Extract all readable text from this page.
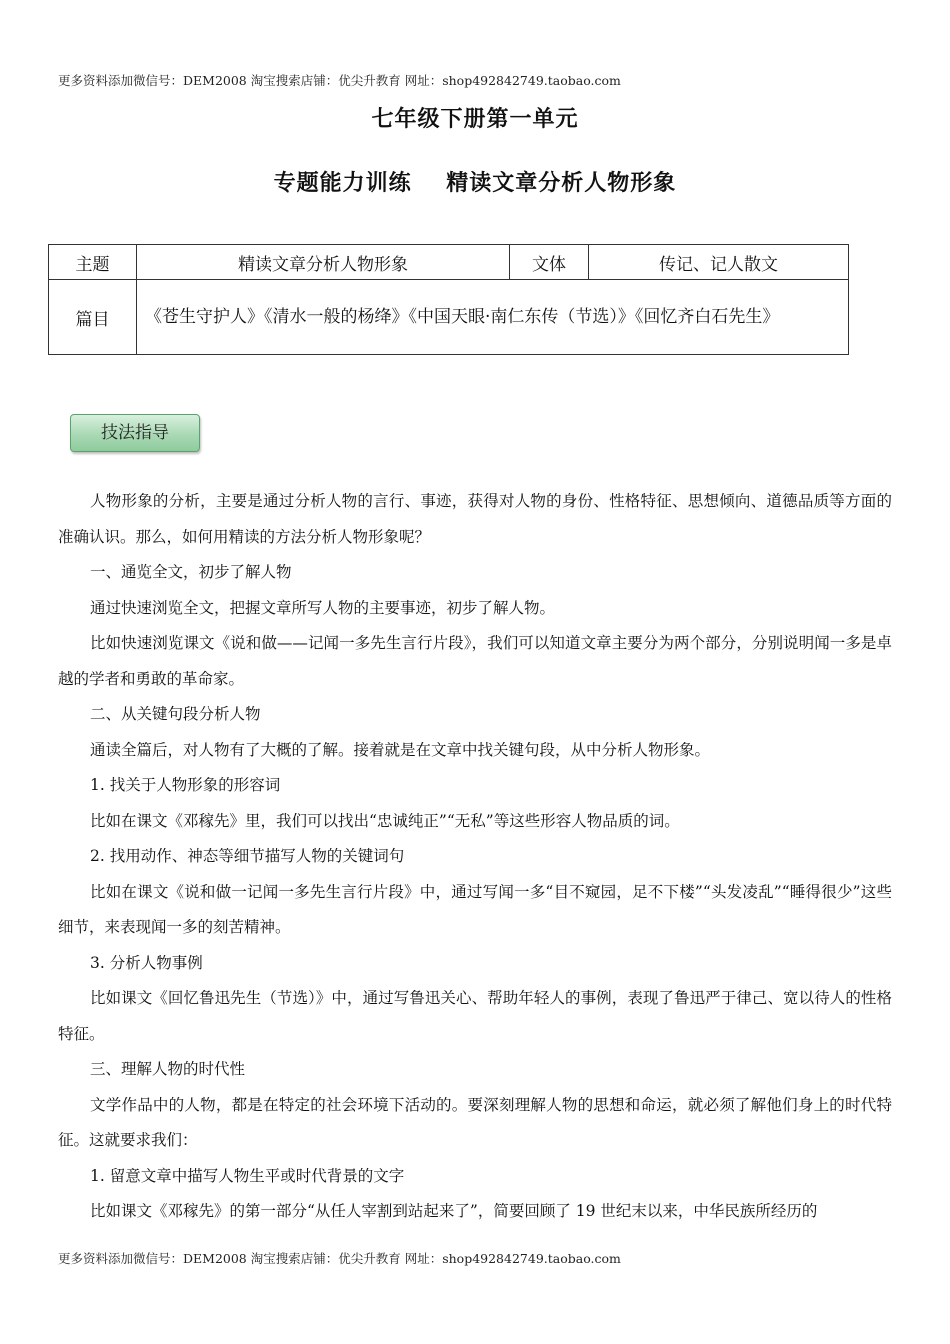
更多资料添加微信号：DEM2008 淘宝搜索店铺：优尖升教育 网址：shop492842749.taobao.com
七年级下册第一单元
专题能力训练    精读文章分析人物形象
主题	精读文章分析人物形象	文体	传记、记人散文
篇目	《苍生守护人》《清水一般的杨绛》《中国天眼·南仁东传（节选）》《回忆齐白石先生》		
技法指导

人物形象的分析，主要是通过分析人物的言行、事迹，获得对人物的身份、性格特征、思想倾向、道德品质等方面的准确认识。那么，如何用精读的方法分析人物形象呢？

一、通览全文，初步了解人物

通过快速浏览全文，把握文章所写人物的主要事迹，初步了解人物。

比如快速浏览课文《说和做——记闻一多先生言行片段》，我们可以知道文章主要分为两个部分，分别说明闻一多是卓越的学者和勇敢的革命家。

二、从关键句段分析人物

通读全篇后，对人物有了大概的了解。接着就是在文章中找关键句段，从中分析人物形象。

1. 找关于人物形象的形容词

比如在课文《邓稼先》里，我们可以找出“忠诚纯正”“无私”等这些形容人物品质的词。

2. 找用动作、神态等细节描写人物的关键词句

比如在课文《说和做一记闻一多先生言行片段》中，通过写闻一多“目不窥园，足不下楼”“头发凌乱”“睡得很少”这些细节，来表现闻一多的刻苦精神。

3. 分析人物事例

比如课文《回忆鲁迅先生（节选）》中，通过写鲁迅关心、帮助年轻人的事例，表现了鲁迅严于律己、宽以待人的性格特征。

三、理解人物的时代性

文学作品中的人物，都是在特定的社会环境下活动的。要深刻理解人物的思想和命运，就必须了解他们身上的时代特征。这就要求我们：

1. 留意文章中描写人物生平或时代背景的文字

比如课文《邓稼先》的第一部分“从任人宰割到站起来了”，简要回顾了 19 世纪末以来，中华民族所经历的

更多资料添加微信号：DEM2008 淘宝搜索店铺：优尖升教育 网址：shop492842749.taobao.com
